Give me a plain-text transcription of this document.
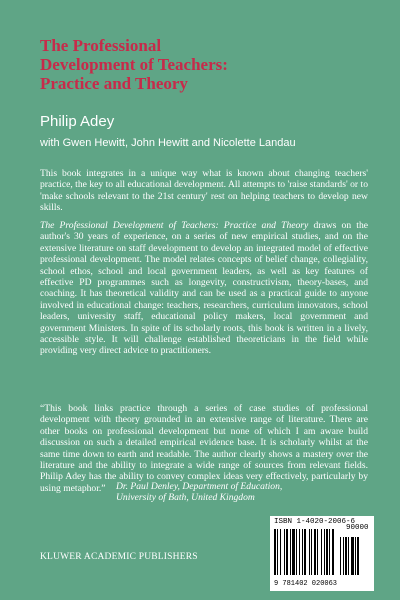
The Professional
Development of Teachers:
Practice and Theory
Philip Adey
with Gwen Hewitt, John Hewitt and Nicolette Landau

This book integrates in a unique way what is known about changing teachers' practice, the key to all educational development. All attempts to 'raise standards' or to 'make schools relevant to the 21st century' rest on helping teachers to develop new skills.

The Professional Development of Teachers: Practice and Theory draws on the author's 30 years of experience, on a series of new empirical studies, and on the extensive literature on staff development to develop an integrated model of effective professional development. The model relates concepts of belief change, collegiality, school ethos, school and local government leaders, as well as key features of effective PD programmes such as longevity, constructivism, theory-bases, and coaching. It has theoretical validity and can be used as a practical guide to anyone involved in educational change: teachers, researchers, curriculum innovators, school leaders, university staff, educational policy makers, local government and government Ministers. In spite of its scholarly roots, this book is written in a lively, accessible style. It will challenge established theoreticians in the field while providing very direct advice to practitioners.

“This book links practice through a series of case studies of professional development with theory grounded in an extensive range of literature. There are other books on professional development but none of which I am aware build discussion on such a detailed empirical evidence base. It is scholarly whilst at the same time down to earth and readable. The author clearly shows a mastery over the literature and the ability to integrate a wide range of sources from relevant fields. Philip Adey has the ability to convey complex ideas very effectively, particularly by using metaphor.”	Dr. Paul Denley, Department of Education,
University of Bath, United Kingdom
KLUWER ACADEMIC PUBLISHERS
ISBN 1-4020-2006-6
90000
9 781402 020063
